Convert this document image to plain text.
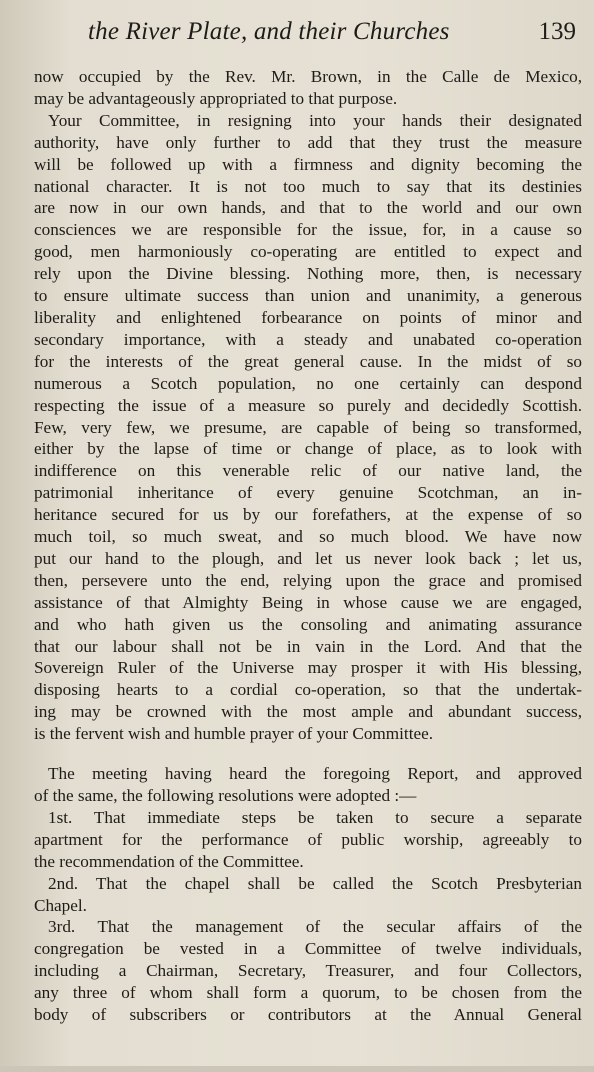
the River Plate, and their Churches	139
now occupied by the Rev. Mr. Brown, in the Calle de Mexico,
may be advantageously appropriated to that purpose.
Your Committee, in resigning into your hands their designated
authority, have only further to add that they trust the measure
will be followed up with a firmness and dignity becoming the
national character. It is not too much to say that its destinies
are now in our own hands, and that to the world and our own
consciences we are responsible for the issue, for, in a cause so
good, men harmoniously co-operating are entitled to expect and
rely upon the Divine blessing. Nothing more, then, is necessary
to ensure ultimate success than union and unanimity, a generous
liberality and enlightened forbearance on points of minor and
secondary importance, with a steady and unabated co-operation
for the interests of the great general cause. In the midst of so
numerous a Scotch population, no one certainly can despond
respecting the issue of a measure so purely and decidedly Scottish.
Few, very few, we presume, are capable of being so transformed,
either by the lapse of time or change of place, as to look with
indifference on this venerable relic of our native land, the
patrimonial inheritance of every genuine Scotchman, an in-
heritance secured for us by our forefathers, at the expense of so
much toil, so much sweat, and so much blood. We have now
put our hand to the plough, and let us never look back ; let us,
then, persevere unto the end, relying upon the grace and promised
assistance of that Almighty Being in whose cause we are engaged,
and who hath given us the consoling and animating assurance
that our labour shall not be in vain in the Lord. And that the
Sovereign Ruler of the Universe may prosper it with His blessing,
disposing hearts to a cordial co-operation, so that the undertak-
ing may be crowned with the most ample and abundant success,
is the fervent wish and humble prayer of your Committee.
The meeting having heard the foregoing Report, and approved
of the same, the following resolutions were adopted :—
1st. That immediate steps be taken to secure a separate
apartment for the performance of public worship, agreeably to
the recommendation of the Committee.
2nd. That the chapel shall be called the Scotch Presbyterian
Chapel.
3rd. That the management of the secular affairs of the
congregation be vested in a Committee of twelve individuals,
including a Chairman, Secretary, Treasurer, and four Collectors,
any three of whom shall form a quorum, to be chosen from the
body of subscribers or contributors at the Annual General
